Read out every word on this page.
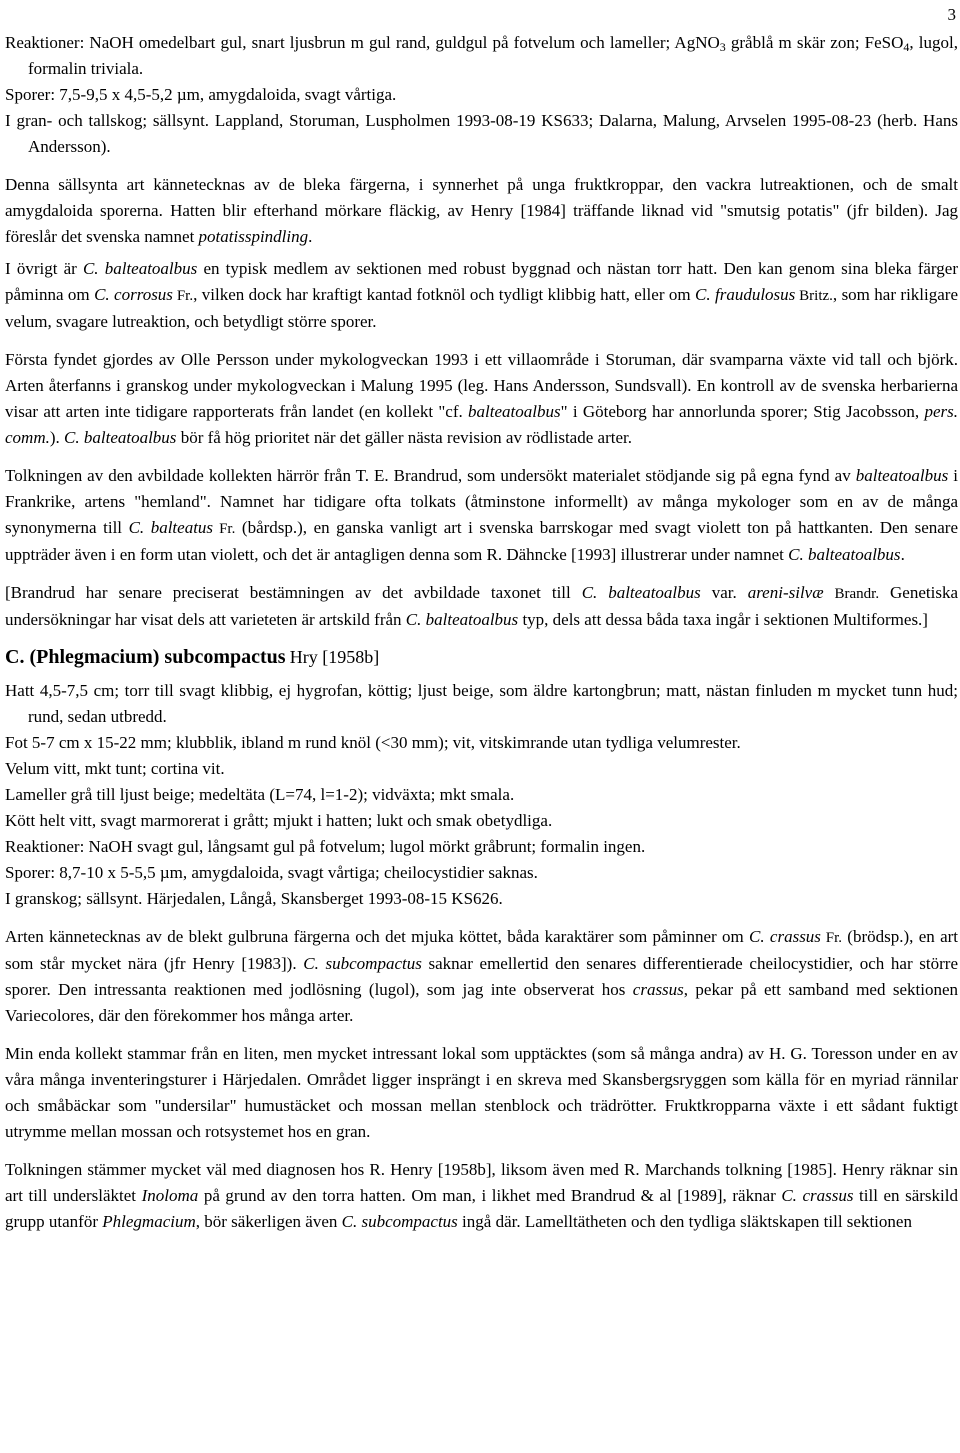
3

Reaktioner: NaOH omedelbart gul, snart ljusbrun m gul rand, guldgul på fotvelum och lameller; AgNO$_3$ gråblå m skär zon; FeSO$_4$, lugol, formalin triviala.

Sporer: 7,5-9,5 x 4,5-5,2 µm, amygdaloida, svagt vårtiga.

I gran- och tallskog; sällsynt. Lappland, Storuman, Luspholmen 1993-08-19 KS633; Dalarna, Malung, Arvselen 1995-08-23 (herb. Hans Andersson).

Denna sällsynta art kännetecknas av de bleka färgerna, i synnerhet på unga fruktkroppar, den vackra lutreaktionen, och de smalt amygdaloida sporerna. Hatten blir efterhand mörkare fläckig, av Henry [1984] träffande liknad vid "smutsig potatis" (jfr bilden). Jag föreslår det svenska namnet potatisspindling.

I övrigt är C. balteatoalbus en typisk medlem av sektionen med robust byggnad och nästan torr hatt. Den kan genom sina bleka färger påminna om C. corrosus Fr., vilken dock har kraftigt kantad fotknöl och tydligt klibbig hatt, eller om C. fraudulosus Britz., som har rikligare velum, svagare lutreaktion, och betydligt större sporer.

Första fyndet gjordes av Olle Persson under mykologveckan 1993 i ett villaområde i Storuman, där svamparna växte vid tall och björk. Arten återfanns i granskog under mykologveckan i Malung 1995 (leg. Hans Andersson, Sundsvall). En kontroll av de svenska herbarierna visar att arten inte tidigare rapporterats från landet (en kollekt "cf. balteatoalbus" i Göteborg har annorlunda sporer; Stig Jacobsson, pers. comm.). C. balteatoalbus bör få hög prioritet när det gäller nästa revision av rödlistade arter.

Tolkningen av den avbildade kollekten härrör från T. E. Brandrud, som undersökt materialet stödjande sig på egna fynd av balteatoalbus i Frankrike, artens "hemland". Namnet har tidigare ofta tolkats (åtminstone informellt) av många mykologer som en av de många synonymerna till C. balteatus Fr. (bårdsp.), en ganska vanligt art i svenska barrskogar med svagt violett ton på hattkanten. Den senare uppträder även i en form utan violett, och det är antagligen denna som R. Dähncke [1993] illustrerar under namnet C. balteatoalbus.

[Brandrud har senare preciserat bestämningen av det avbildade taxonet till C. balteatoalbus var. areni-silvæ Brandr. Genetiska undersökningar har visat dels att varieteten är artskild från C. balteatoalbus typ, dels att dessa båda taxa ingår i sektionen Multiformes.]

C. (Phlegmacium) subcompactus Hry [1958b]

Hatt 4,5-7,5 cm; torr till svagt klibbig, ej hygrofan, köttig; ljust beige, som äldre kartongbrun; matt, nästan finluden m mycket tunn hud; rund, sedan utbredd.

Fot 5-7 cm x 15-22 mm; klubblik, ibland m rund knöl (<30 mm); vit, vitskimrande utan tydliga velumrester.

Velum vitt, mkt tunt; cortina vit.

Lameller grå till ljust beige; medeltäta (L=74, l=1-2); vidväxta; mkt smala.

Kött helt vitt, svagt marmorerat i grått; mjukt i hatten; lukt och smak obetydliga.

Reaktioner: NaOH svagt gul, långsamt gul på fotvelum; lugol mörkt gråbrunt; formalin ingen.

Sporer: 8,7-10 x 5-5,5 µm, amygdaloida, svagt vårtiga; cheilocystidier saknas.

I granskog; sällsynt. Härjedalen, Långå, Skansberget 1993-08-15 KS626.

Arten kännetecknas av de blekt gulbruna färgerna och det mjuka köttet, båda karaktärer som påminner om C. crassus Fr. (brödsp.), en art som står mycket nära (jfr Henry [1983]). C. subcompactus saknar emellertid den senares differentierade cheilocystidier, och har större sporer. Den intressanta reaktionen med jodlösning (lugol), som jag inte observerat hos crassus, pekar på ett samband med sektionen Variecolores, där den förekommer hos många arter.

Min enda kollekt stammar från en liten, men mycket intressant lokal som upptäcktes (som så många andra) av H. G. Toresson under en av våra många inventeringsturer i Härjedalen. Området ligger insprängt i en skreva med Skansbergsryggen som källa för en myriad rännilar och småbäckar som "undersilar" humustäcket och mossan mellan stenblock och trädrötter. Fruktkropparna växte i ett sådant fuktigt utrymme mellan mossan och rotsystemet hos en gran.

Tolkningen stämmer mycket väl med diagnosen hos R. Henry [1958b], liksom även med R. Marchands tolkning [1985]. Henry räknar sin art till undersläktet Inoloma på grund av den torra hatten. Om man, i likhet med Brandrud & al [1989], räknar C. crassus till en särskild grupp utanför Phlegmacium, bör säkerligen även C. subcompactus ingå där. Lamelltätheten och den tydliga släktskapen till sektionen
